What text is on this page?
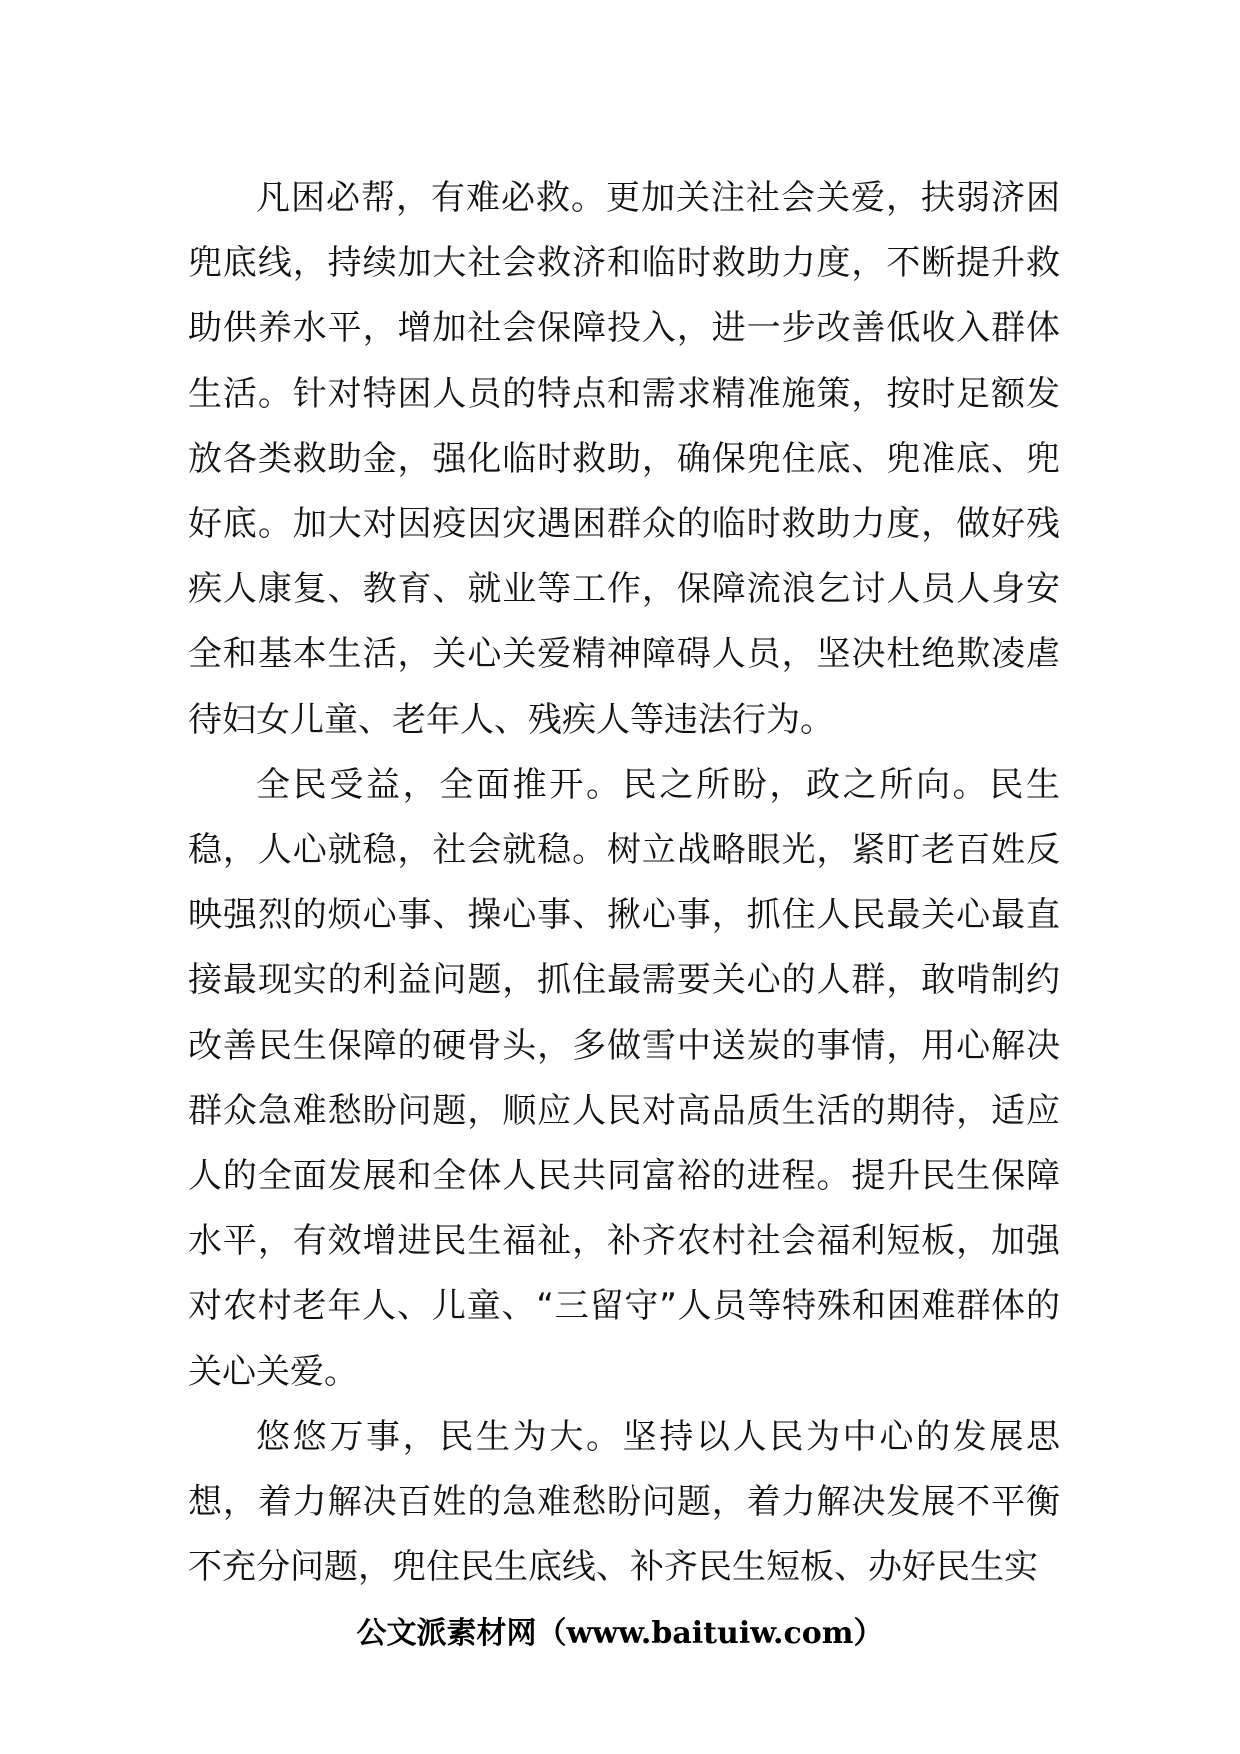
凡困必帮，有难必救。更加关注社会关爱，扶弱济困兜底线，持续加大社会救济和临时救助力度，不断提升救助供养水平，增加社会保障投入，进一步改善低收入群体生活。针对特困人员的特点和需求精准施策，按时足额发放各类救助金，强化临时救助，确保兜住底、兜准底、兜好底。加大对因疫因灾遇困群众的临时救助力度，做好残疾人康复、教育、就业等工作，保障流浪乞讨人员人身安全和基本生活，关心关爱精神障碍人员，坚决杜绝欺凌虐待妇女儿童、老年人、残疾人等违法行为。

全民受益，全面推开。民之所盼，政之所向。民生稳，人心就稳，社会就稳。树立战略眼光，紧盯老百姓反映强烈的烦心事、操心事、揪心事，抓住人民最关心最直接最现实的利益问题，抓住最需要关心的人群，敢啃制约改善民生保障的硬骨头，多做雪中送炭的事情，用心解决群众急难愁盼问题，顺应人民对高品质生活的期待，适应人的全面发展和全体人民共同富裕的进程。提升民生保障水平，有效增进民生福祉，补齐农村社会福利短板，加强对农村老年人、儿童、“三留守”人员等特殊和困难群体的关心关爱。

悠悠万事，民生为大。坚持以人民为中心的发展思想，着力解决百姓的急难愁盼问题，着力解决发展不平衡不充分问题，兜住民生底线、补齐民生短板、办好民生实

公文派素材网（www.baituiw.com）
